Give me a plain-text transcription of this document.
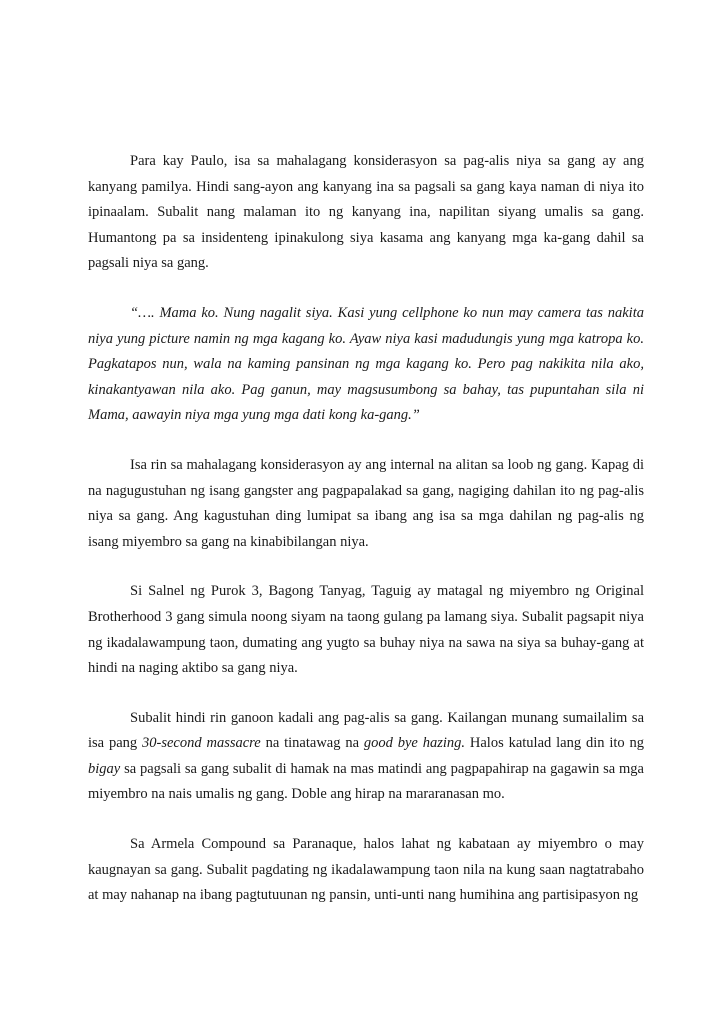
Para kay Paulo, isa sa mahalagang konsiderasyon sa pag-alis niya sa gang ay ang kanyang pamilya. Hindi sang-ayon ang kanyang ina sa pagsali sa gang kaya naman di niya ito ipinaalam. Subalit nang malaman ito ng kanyang ina, napilitan siyang umalis sa gang. Humantong pa sa insidenteng ipinakulong siya kasama ang kanyang mga ka-gang dahil sa pagsali niya sa gang.

“…. Mama ko. Nung nagalit siya. Kasi yung cellphone ko nun may camera tas nakita niya yung picture namin ng mga kagang ko. Ayaw niya kasi madudungis yung mga katropa ko. Pagkatapos nun, wala na kaming pansinan ng mga kagang ko. Pero pag nakikita nila ako, kinakantyawan nila ako. Pag ganun, may magsusumbong sa bahay, tas pupuntahan sila ni Mama, aawayin niya mga yung mga dati kong ka-gang.”

Isa rin sa mahalagang konsiderasyon ay ang internal na alitan sa loob ng gang. Kapag di na nagugustuhan ng isang gangster ang pagpapalakad sa gang, nagiging dahilan ito ng pag-alis niya sa gang. Ang kagustuhan ding lumipat sa ibang ang isa sa mga dahilan ng pag-alis ng isang miyembro sa gang na kinabibilangan niya.

Si Salnel ng Purok 3, Bagong Tanyag, Taguig ay matagal ng miyembro ng Original Brotherhood 3 gang simula noong siyam na taong gulang pa lamang siya. Subalit pagsapit niya ng ikadalawampung taon, dumating ang yugto sa buhay niya na sawa na siya sa buhay-gang at hindi na naging aktibo sa gang niya.

Subalit hindi rin ganoon kadali ang pag-alis sa gang. Kailangan munang sumailalim sa isa pang 30-second massacre na tinatawag na good bye hazing. Halos katulad lang din ito ng bigay sa pagsali sa gang subalit di hamak na mas matindi ang pagpapahirap na gagawin sa mga miyembro na nais umalis ng gang. Doble ang hirap na mararanasan mo.

Sa Armela Compound sa Paranaque, halos lahat ng kabataan ay miyembro o may kaugnayan sa gang. Subalit pagdating ng ikadalawampung taon nila na kung saan nagtatrabaho at may nahanap na ibang pagtutuunan ng pansin, unti-unti nang humihina ang partisipasyon ng
